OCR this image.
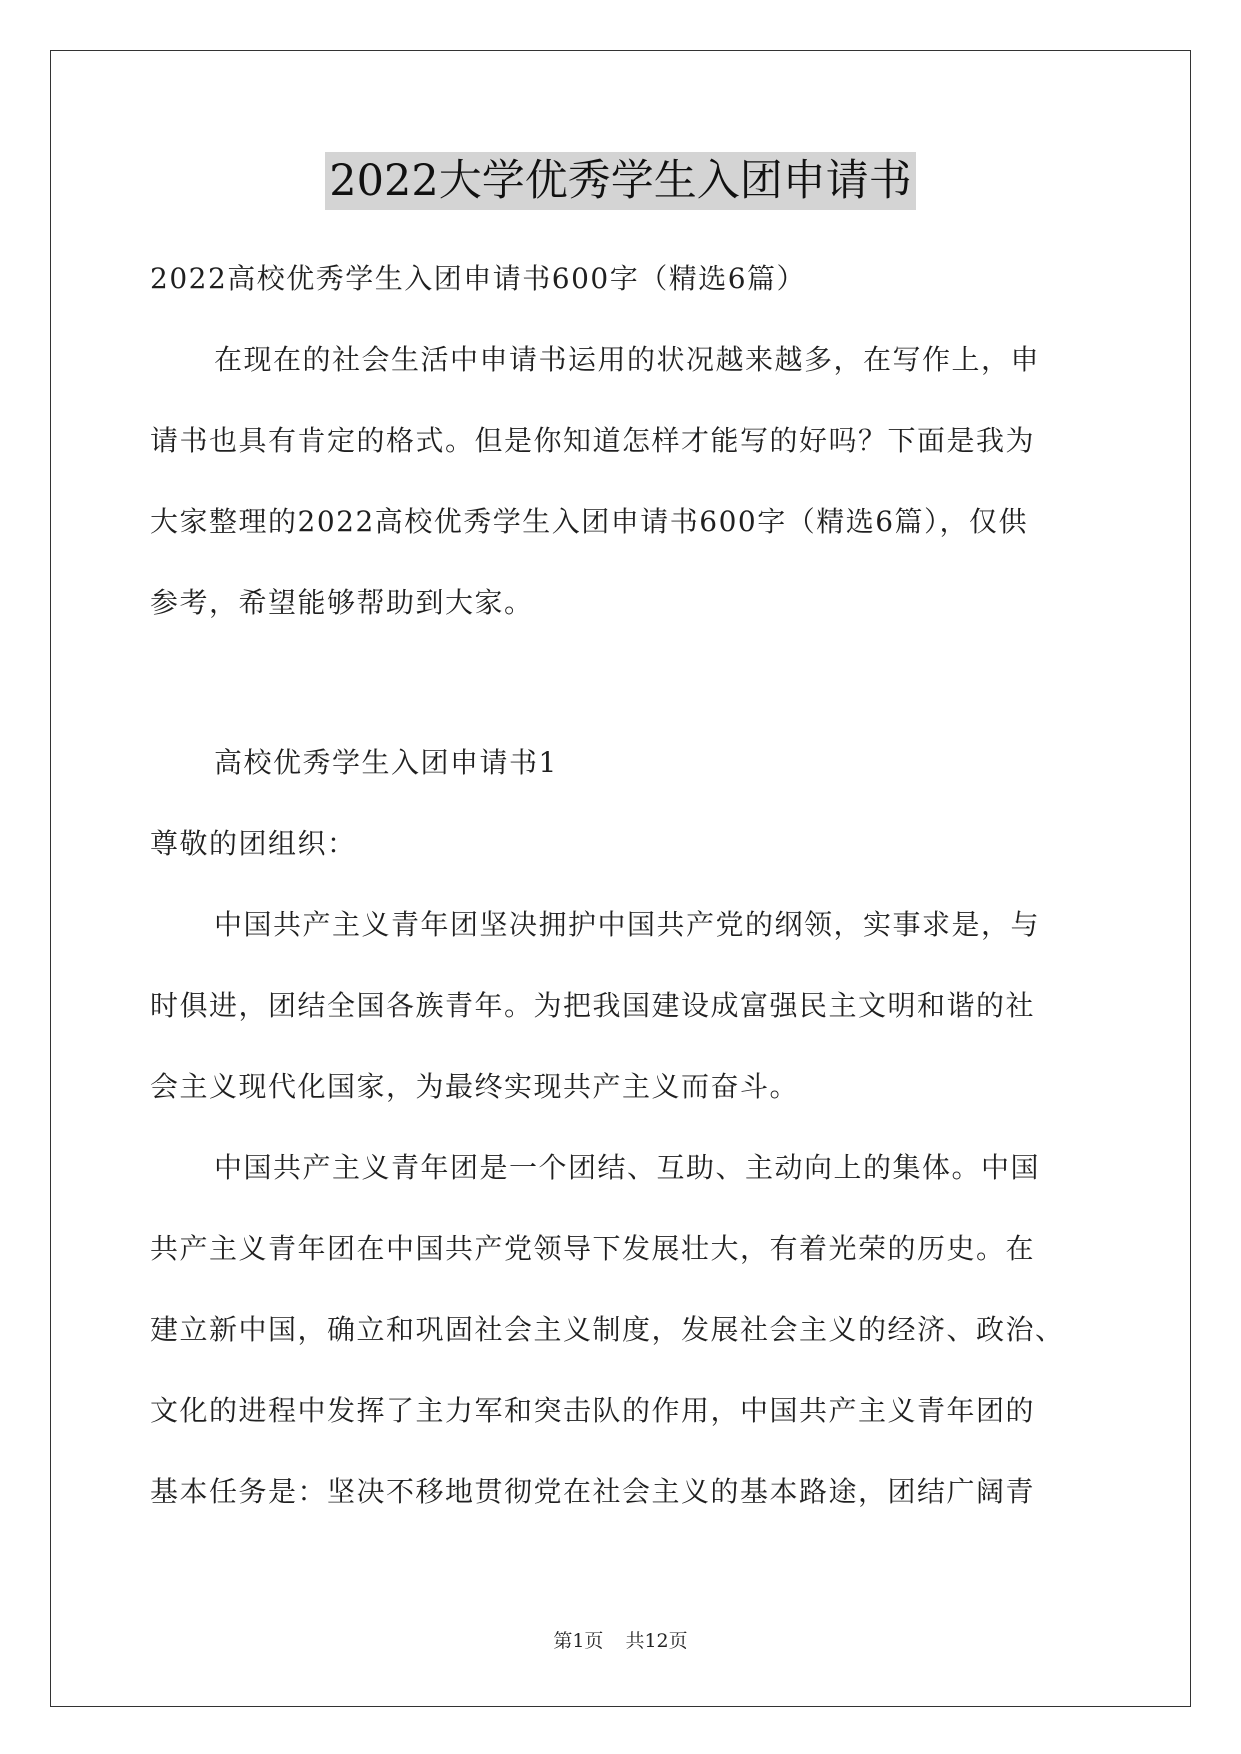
2022大学优秀学生入团申请书
2022高校优秀学生入团申请书600字（精选6篇）
在现在的社会生活中申请书运用的状况越来越多，在写作上，申
请书也具有肯定的格式。但是你知道怎样才能写的好吗？下面是我为
大家整理的2022高校优秀学生入团申请书600字（精选6篇），仅供
参考，希望能够帮助到大家。
高校优秀学生入团申请书1
尊敬的团组织：
中国共产主义青年团坚决拥护中国共产党的纲领，实事求是，与
时俱进，团结全国各族青年。为把我国建设成富强民主文明和谐的社
会主义现代化国家，为最终实现共产主义而奋斗。
中国共产主义青年团是一个团结、互助、主动向上的集体。中国
共产主义青年团在中国共产党领导下发展壮大，有着光荣的历史。在
建立新中国，确立和巩固社会主义制度，发展社会主义的经济、政治、
文化的进程中发挥了主力军和突击队的作用，中国共产主义青年团的
基本任务是：坚决不移地贯彻党在社会主义的基本路途，团结广阔青
第1页 共12页
